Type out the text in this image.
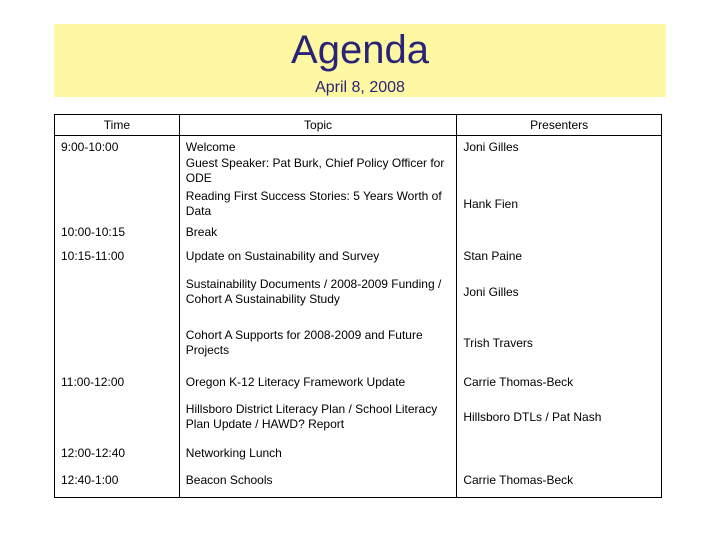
Agenda
April 8, 2008
Time	Topic	Presenters
9:00-10:00	Welcome	Joni Gilles
	Guest Speaker: Pat Burk, Chief Policy Officer for ODE	
	Reading First Success Stories: 5 Years Worth of Data	Hank Fien
10:00-10:15	Break	
10:15-11:00	Update on Sustainability and Survey	Stan Paine
	Sustainability Documents / 2008-2009 Funding / Cohort A Sustainability Study	Joni Gilles
	Cohort A Supports for 2008-2009 and Future Projects	Trish Travers
11:00-12:00	Oregon K-12 Literacy Framework Update	Carrie Thomas-Beck
	Hillsboro District Literacy Plan / School Literacy Plan Update / HAWD? Report	Hillsboro DTLs / Pat Nash
12:00-12:40	Networking Lunch	
12:40-1:00	Beacon Schools	Carrie Thomas-Beck
